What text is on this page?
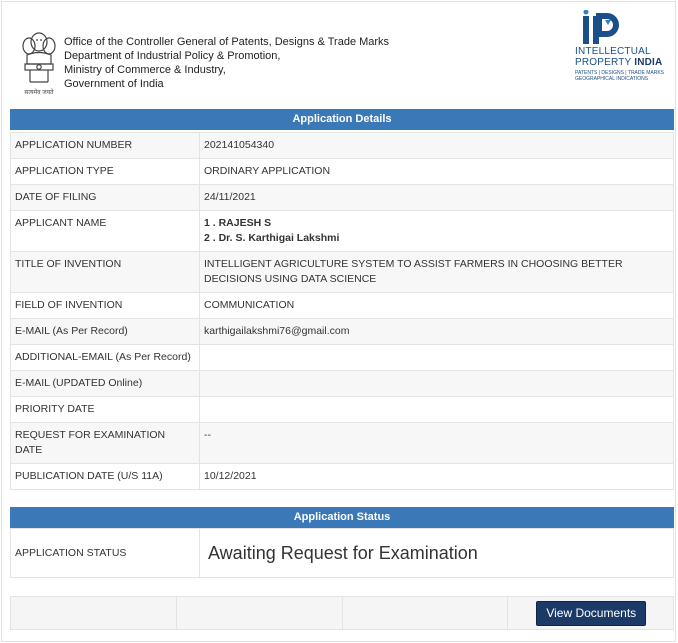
सत्यमेव जयते
Office of the Controller General of Patents, Designs & Trade Marks
Department of Industrial Policy & Promotion,
Ministry of Commerce & Industry,
Government of India
INTELLECTUAL
PROPERTY INDIA
PATENTS | DESIGNS | TRADE MARKS
GEOGRAPHICAL INDICATIONS
Application Details
APPLICATION NUMBER	202141054340
APPLICATION TYPE	ORDINARY APPLICATION
DATE OF FILING	24/11/2021
APPLICANT NAME	1 . RAJESH S
2 . Dr. S. Karthigai Lakshmi

TITLE OF INVENTION	INTELLIGENT AGRICULTURE SYSTEM TO ASSIST FARMERS IN CHOOSING BETTER DECISIONS USING DATA SCIENCE
FIELD OF INVENTION	COMMUNICATION
E-MAIL (As Per Record)	karthigailakshmi76@gmail.com
ADDITIONAL-EMAIL (As Per Record)	
E-MAIL (UPDATED Online)	
PRIORITY DATE	
REQUEST FOR EXAMINATION DATE	--
PUBLICATION DATE (U/S 11A)	10/12/2021
Application Status
APPLICATION STATUS	Awaiting Request for Examination
View Documents
